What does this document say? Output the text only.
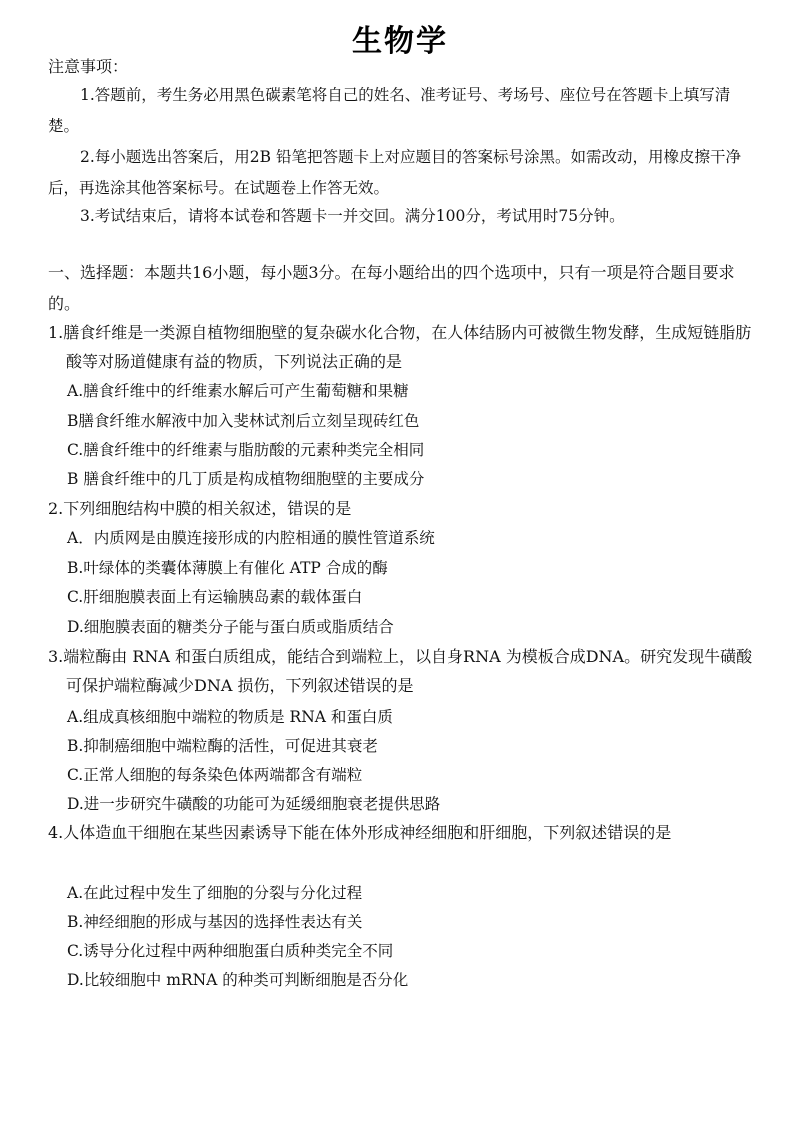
生物学
注意事项：
1.答题前，考生务必用黑色碳素笔将自己的姓名、准考证号、考场号、座位号在答题卡上填写清楚。
2.每小题选出答案后，用2B 铅笔把答题卡上对应题目的答案标号涂黑。如需改动，用橡皮擦干净后，再选涂其他答案标号。在试题卷上作答无效。
3.考试结束后，请将本试卷和答题卡一并交回。满分100分，考试用时75分钟。
一、选择题：本题共16小题，每小题3分。在每小题给出的四个选项中，只有一项是符合题目要求的。
1.膳食纤维是一类源自植物细胞壁的复杂碳水化合物，在人体结肠内可被微生物发酵，生成短链脂肪酸等对肠道健康有益的物质，下列说法正确的是
A.膳食纤维中的纤维素水解后可产生葡萄糖和果糖
B膳食纤维水解液中加入斐林试剂后立刻呈现砖红色
C.膳食纤维中的纤维素与脂肪酸的元素种类完全相同
B 膳食纤维中的几丁质是构成植物细胞壁的主要成分
2.下列细胞结构中膜的相关叙述，错误的是
A．内质网是由膜连接形成的内腔相通的膜性管道系统
B.叶绿体的类囊体薄膜上有催化 ATP 合成的酶
C.肝细胞膜表面上有运输胰岛素的载体蛋白
D.细胞膜表面的糖类分子能与蛋白质或脂质结合
3.端粒酶由 RNA 和蛋白质组成，能结合到端粒上，以自身RNA 为模板合成DNA。研究发现牛磺酸可保护端粒酶减少DNA 损伤，下列叙述错误的是
A.组成真核细胞中端粒的物质是 RNA 和蛋白质
B.抑制癌细胞中端粒酶的活性，可促进其衰老
C.正常人细胞的每条染色体两端都含有端粒
D.进一步研究牛磺酸的功能可为延缓细胞衰老提供思路
4.人体造血干细胞在某些因素诱导下能在体外形成神经细胞和肝细胞，下列叙述错误的是
A.在此过程中发生了细胞的分裂与分化过程
B.神经细胞的形成与基因的选择性表达有关
C.诱导分化过程中两种细胞蛋白质种类完全不同
D.比较细胞中 mRNA 的种类可判断细胞是否分化
